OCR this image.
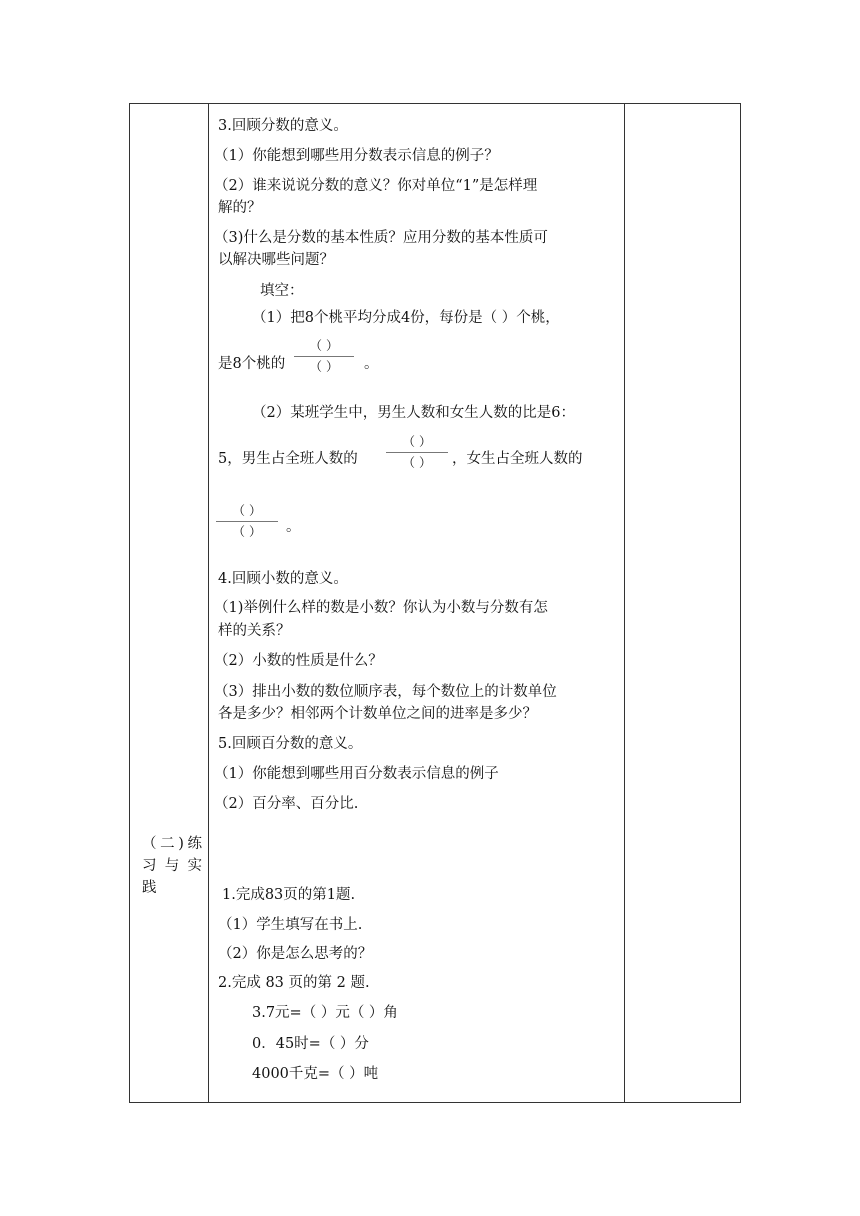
（二)练
习与实
践
3.回顾分数的意义。
（1）你能想到哪些用分数表示信息的例子？
（2）谁来说说分数的意义？你对单位“1”是怎样理
解的？
（3)什么是分数的基本性质？应用分数的基本性质可
以解决哪些问题？
填空：
（1）把8个桃平均分成4份，每份是（ ）个桃，
是8个桃的
（ ）
（ ）	。
（2）某班学生中，男生人数和女生人数的比是6：
5，男生占全班人数的
（ ）
（ ）	，女生占全班人数的
（ ）
（ ）	。
4.回顾小数的意义。
（1)举例什么样的数是小数？你认为小数与分数有怎
样的关系？
（2）小数的性质是什么？
（3）排出小数的数位顺序表，每个数位上的计数单位
各是多少？相邻两个计数单位之间的进率是多少？
5.回顾百分数的意义。
（1）你能想到哪些用百分数表示信息的例子
（2）百分率、百分比.
1.完成83页的第1题.
（1）学生填写在书上.
（2）你是怎么思考的？
2.完成 83 页的第 2 题.
3.7元=（ ）元（ ）角
0．45时=（ ）分
4000千克=（ ）吨
